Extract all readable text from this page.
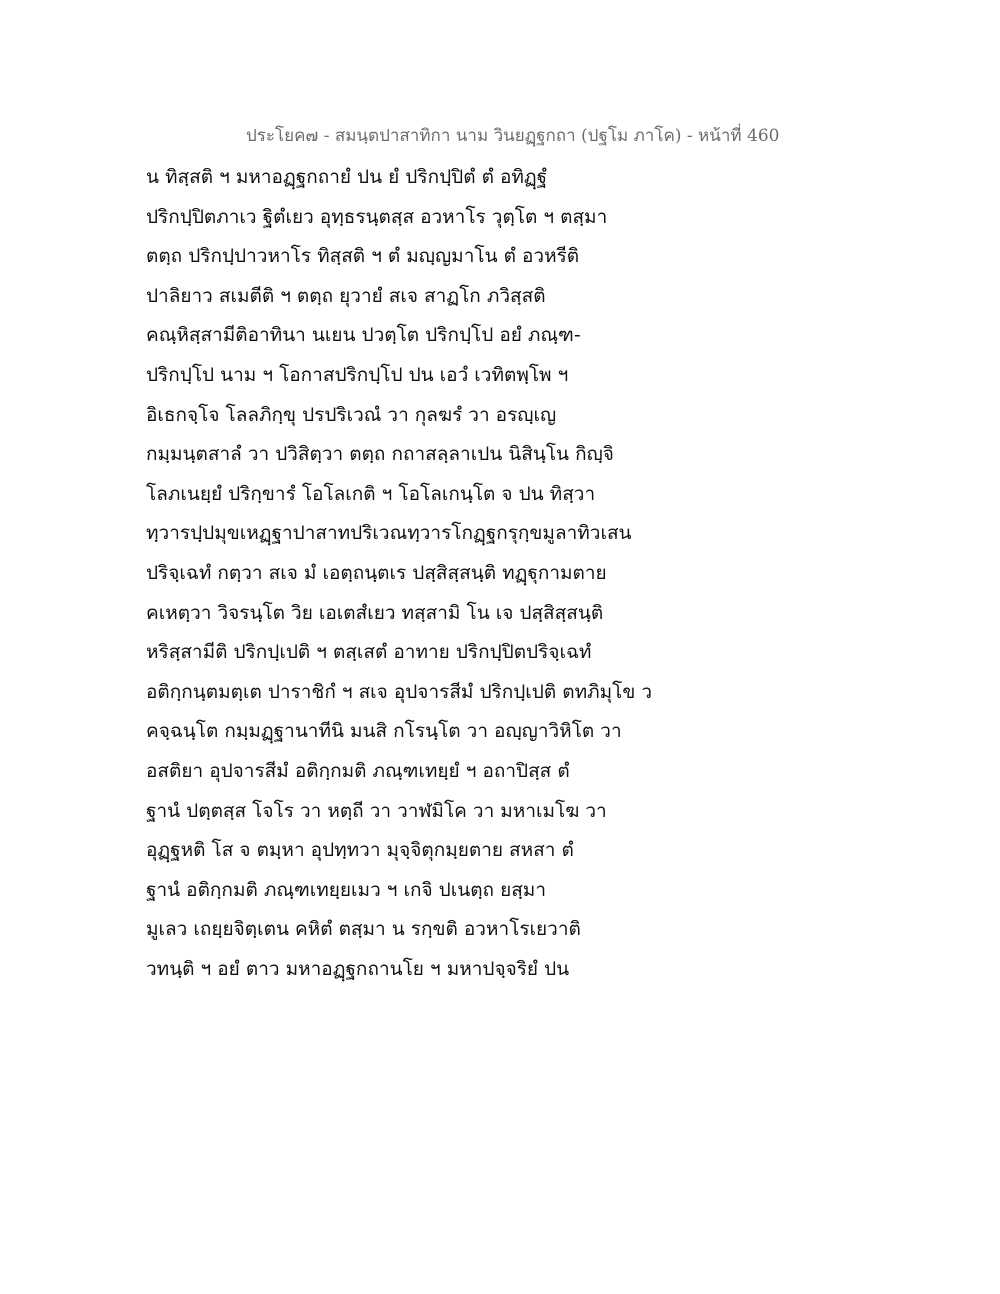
ประโยค๗ - สมนฺตปาสาทิกา นาม วินยฏฺฐกถา (ปฐโม ภาโค) - หน้าที่ 460
น ทิสฺสติ ฯ มหาอฏฺฐกถายํ ปน ยํ ปริกปฺปิตํ ตํ อทิฏฺฐํ
ปริกปฺปิตภาเว ฐิตํเยว อุทฺธรนฺตสฺส อวหาโร วุตฺโต ฯ ตสฺมา
ตตฺถ ปริกปฺปาวหาโร ทิสฺสติ ฯ ตํ มญฺญมาโน ตํ อวหรีติ
ปาลิยาว สเมตีติ ฯ ตตฺถ ยุวายํ สเจ สาฏโก ภวิสฺสติ
คณฺหิสฺสามีติอาทินา นเยน ปวตฺโต ปริกปฺโป อยํ ภณฺฑ-
ปริกปฺโป นาม ฯ โอกาสปริกปฺโป ปน เอวํ เวทิตพฺโพ ฯ
อิเธกจฺโจ โลลภิกฺขุ ปรปริเวณํ วา กุลฆรํ วา อรญฺเญ
กมฺมนฺตสาลํ วา ปวิสิตฺวา ตตฺถ กถาสลฺลาเปน นิสินฺโน กิญฺจิ
โลภเนยฺยํ ปริกฺขารํ โอโลเกติ ฯ โอโลเกนฺโต จ ปน ทิสฺวา
ทฺวารปฺปมุขเหฏฺฐาปาสาทปริเวณทฺวารโกฏฺฐกรุกฺขมูลาทิวเสน
ปริจฺเฉทํ กตฺวา สเจ มํ เอตฺถนฺตเร ปสฺสิสฺสนฺติ ทฏฺฐุกามตาย
คเหตฺวา วิจรนฺโต วิย เอเตสํเยว ทสฺสามิ โน เจ ปสฺสิสฺสนฺติ
หริสฺสามีติ ปริกปฺเปติ ฯ ตสฺเสตํ อาทาย ปริกปฺปิตปริจฺเฉทํ
อติกฺกนฺตมตฺเต ปาราชิกํ ฯ สเจ อุปจารสีมํ ปริกปฺเปติ ตทภิมุโข ว
คจฺฉนฺโต กมฺมฏฺฐานาทีนิ มนสิ กโรนฺโต วา อญฺญาวิหิโต วา
อสติยา อุปจารสีมํ อติกฺกมติ ภณฺฑเทยฺยํ ฯ อถาปิสฺส ตํ
ฐานํ ปตฺตสฺส โจโร วา หตฺถี วา วาฬมิโค วา มหาเมโฆ วา
อุฏฺฐหติ โส จ ตมฺหา อุปทฺทวา มุจฺจิตุกมฺยตาย สหสา ตํ
ฐานํ อติกฺกมติ ภณฺฑเทยฺยเมว ฯ เกจิ ปเนตฺถ ยสฺมา
มูเลว เถยฺยจิตฺเตน คหิตํ ตสฺมา น รกฺขติ อวหาโรเยวาติ
วทนฺติ ฯ อยํ ตาว มหาอฏฺฐกถานโย ฯ มหาปจฺจริยํ ปน
